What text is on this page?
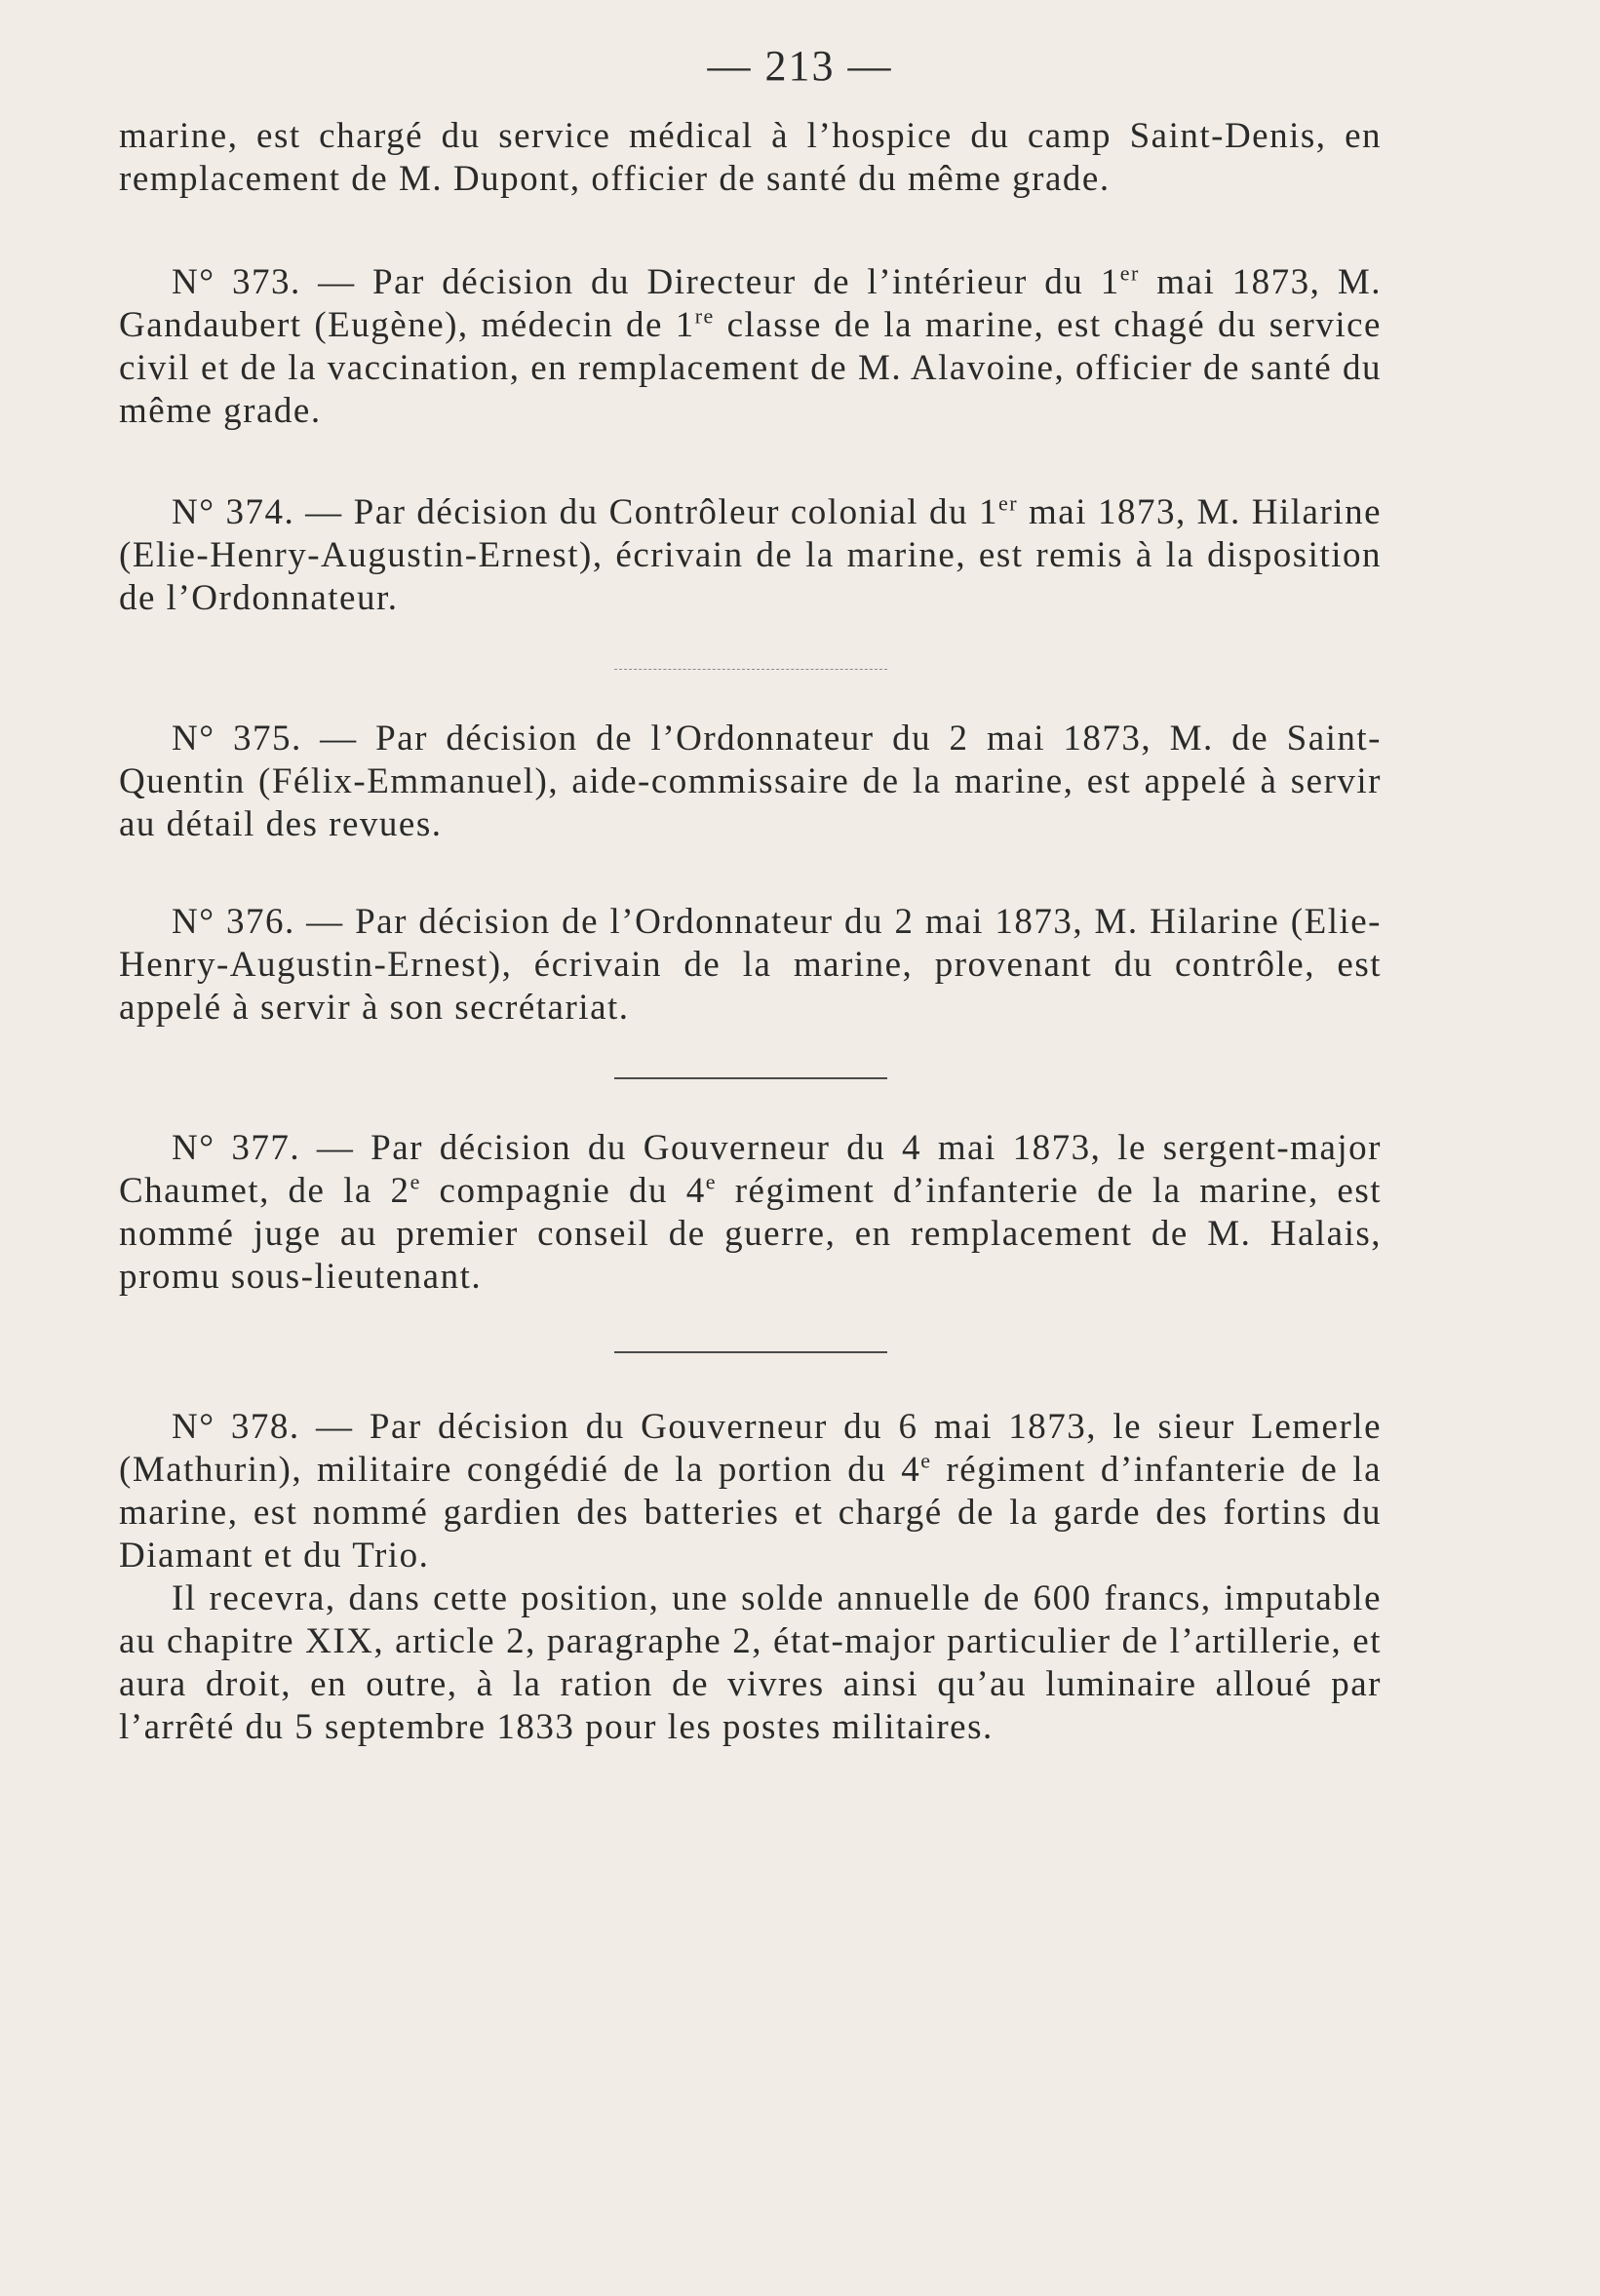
— 213 —

marine, est chargé du service médical à l’hospice du camp Saint-Denis, en remplacement de M. Dupont, officier de santé du même grade.

N° 373. — Par décision du Directeur de l’intérieur du 1er mai 1873, M. Gandaubert (Eugène), médecin de 1re classe de la marine, est chagé du service civil et de la vaccination, en remplacement de M. Alavoine, officier de santé du même grade.

N° 374. — Par décision du Contrôleur colonial du 1er mai 1873, M. Hilarine (Elie-Henry-Augustin-Ernest), écrivain de la marine, est remis à la disposition de l’Ordonnateur.

N° 375. — Par décision de l’Ordonnateur du 2 mai 1873, M. de Saint-Quentin (Félix-Emmanuel), aide-commissaire de la marine, est appelé à servir au détail des revues.

N° 376. — Par décision de l’Ordonnateur du 2 mai 1873, M. Hilarine (Elie-Henry-Augustin-Ernest), écrivain de la marine, provenant du contrôle, est appelé à servir à son secrétariat.

N° 377. — Par décision du Gouverneur du 4 mai 1873, le sergent-major Chaumet, de la 2e compagnie du 4e régiment d’infanterie de la marine, est nommé juge au premier conseil de guerre, en remplacement de M. Halais, promu sous-lieutenant.

N° 378. — Par décision du Gouverneur du 6 mai 1873, le sieur Lemerle (Mathurin), militaire congédié de la portion du 4e régiment d’infanterie de la marine, est nommé gardien des batteries et chargé de la garde des fortins du Diamant et du Trio.

Il recevra, dans cette position, une solde annuelle de 600 francs, imputable au chapitre XIX, article 2, paragraphe 2, état-major particulier de l’artillerie, et aura droit, en outre, à la ration de vivres ainsi qu’au luminaire alloué par l’arrêté du 5 septembre 1833 pour les postes militaires.
